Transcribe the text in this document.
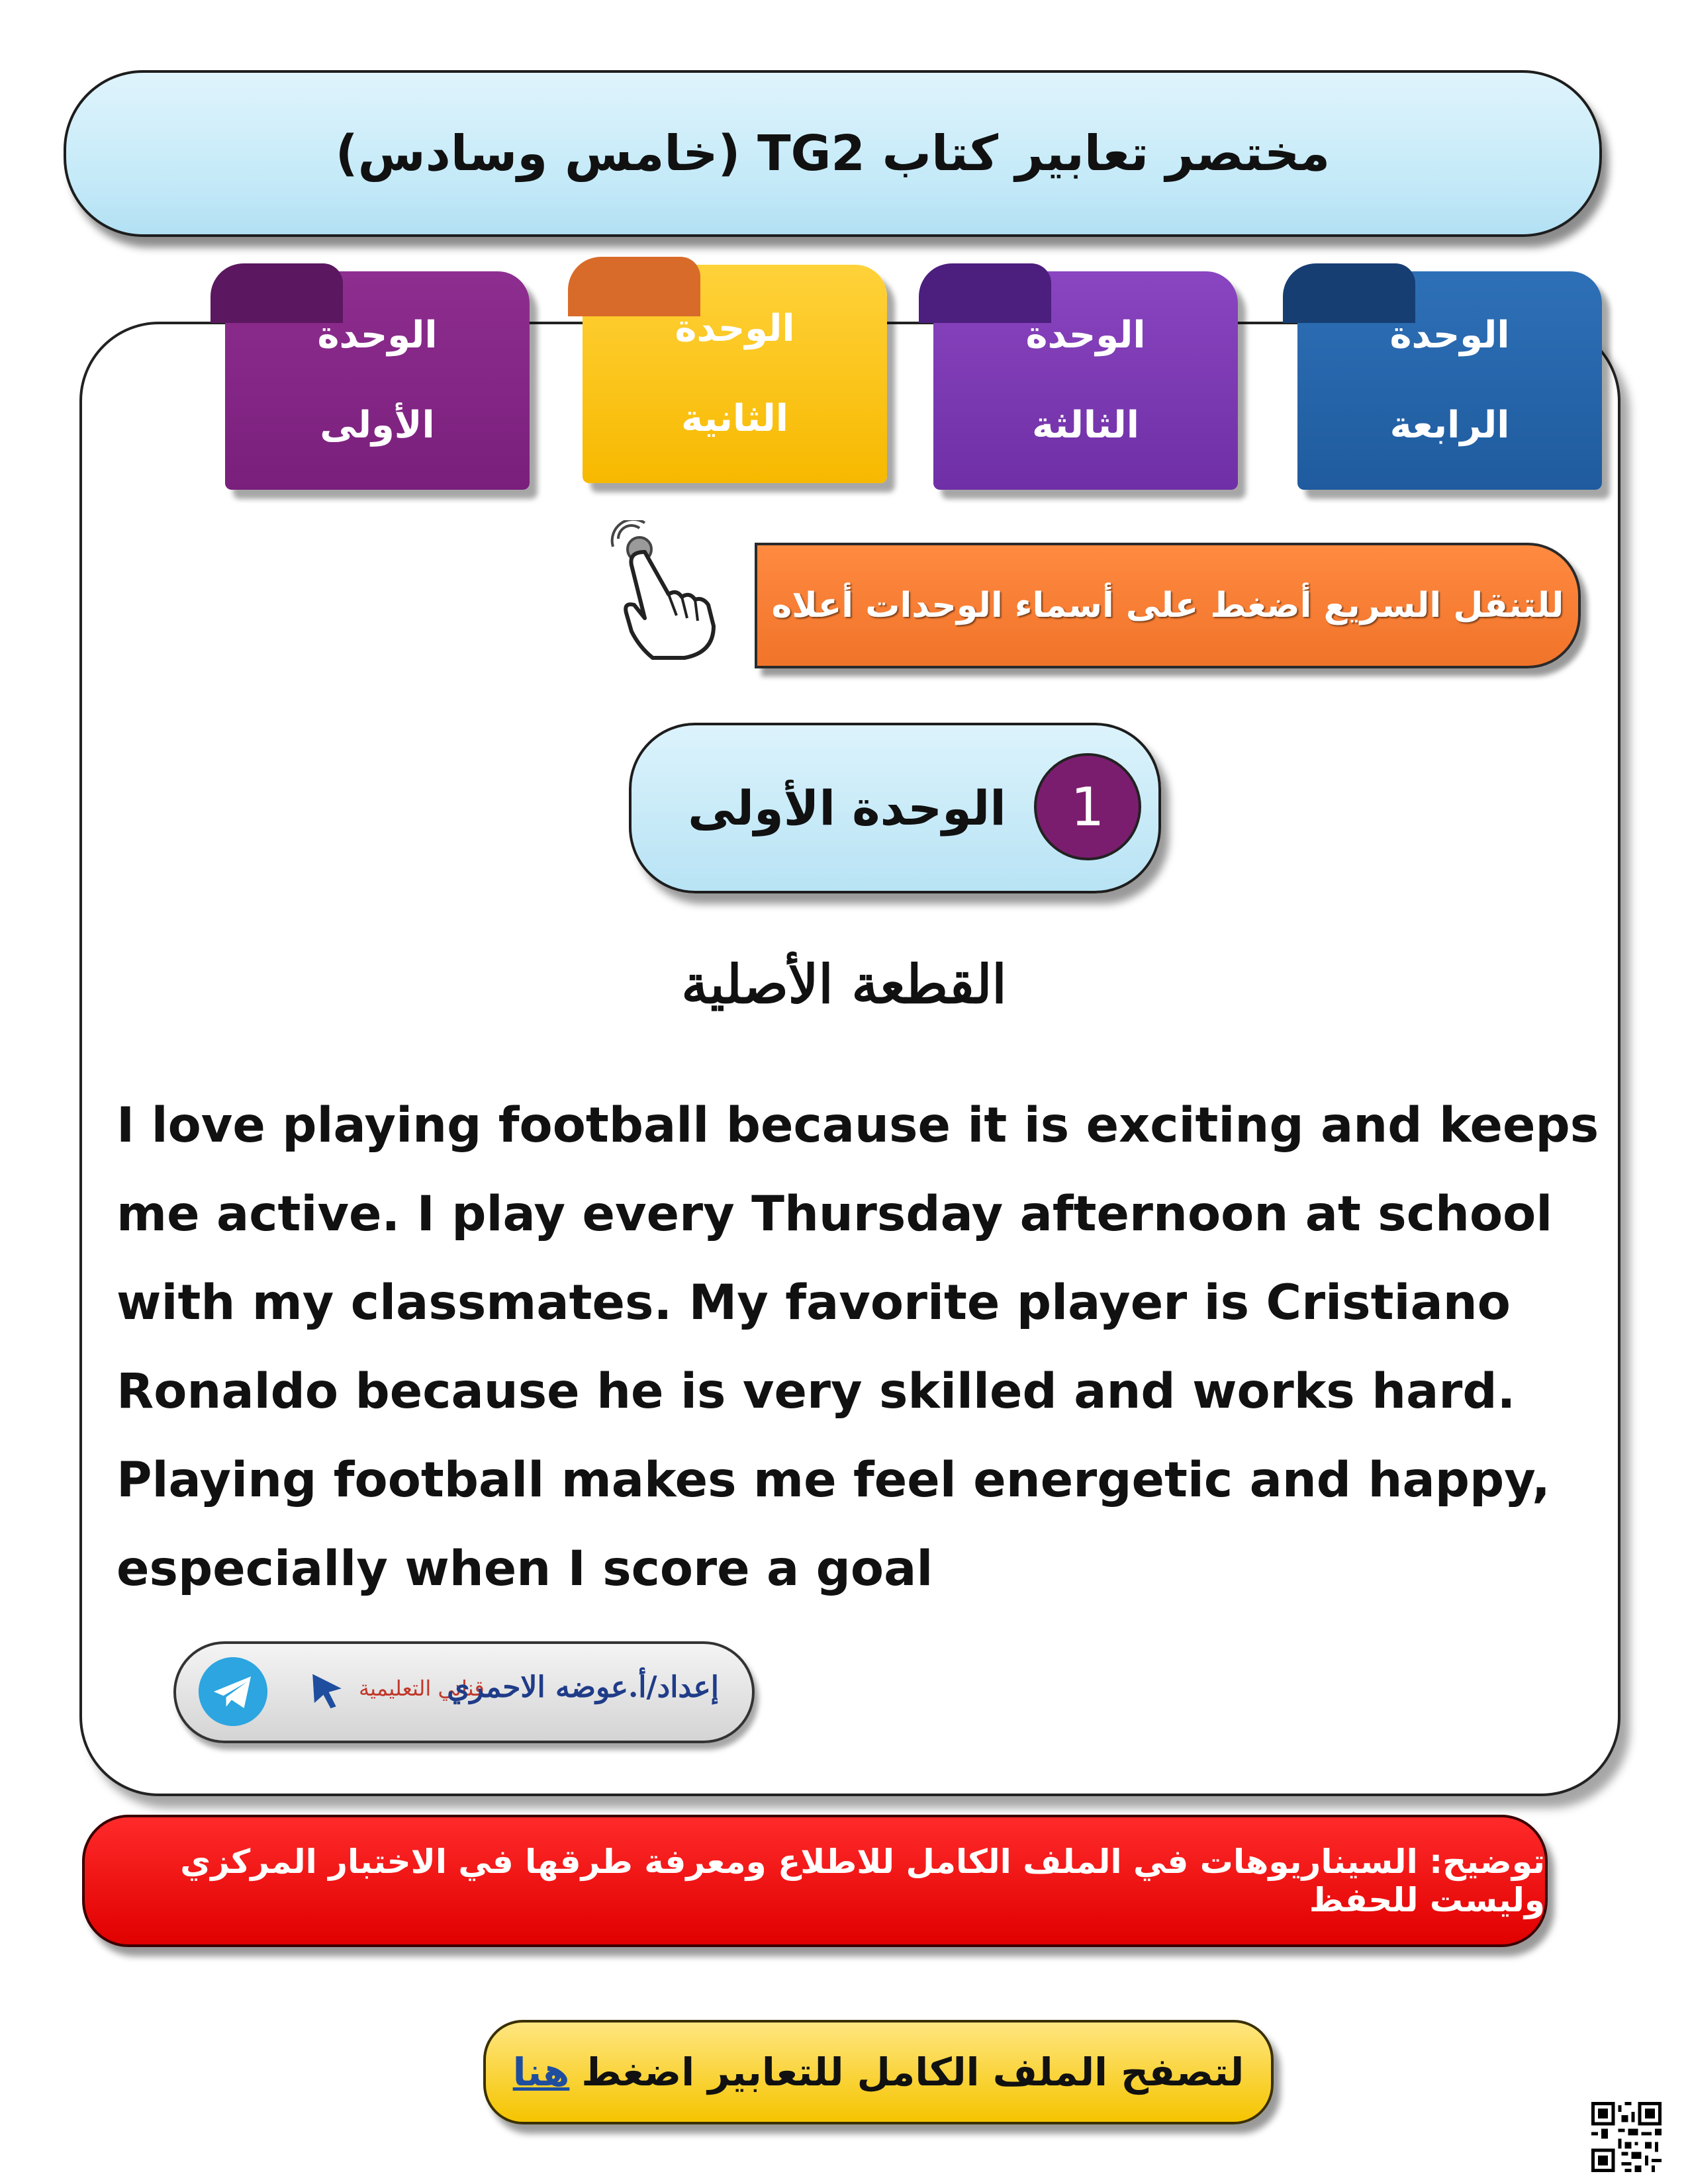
مختصر تعابير كتاب TG2 (خامس وسادس)
الوحدة
الأولى
الوحدة
الثانية
الوحدة
الثالثة
الوحدة
الرابعة
للتنقل السريع أضغط على أسماء الوحدات أعلاه
الوحدة الأولى	1
القطعة الأصلية
I love playing football because it is exciting and keeps me active. I play every Thursday afternoon at school with my classmates. My favorite player is Cristiano Ronaldo because he is very skilled and works hard. Playing football makes me feel energetic and happy, especially when I score a goal
قناتي التعليمية
إعداد/أ.عوضه الاحمري
توضيح: السيناريوهات في الملف الكامل للاطلاع ومعرفة طرقها في الاختبار المركزي وليست للحفظ
لتصفح الملف الكامل للتعابير اضغط
هنا
